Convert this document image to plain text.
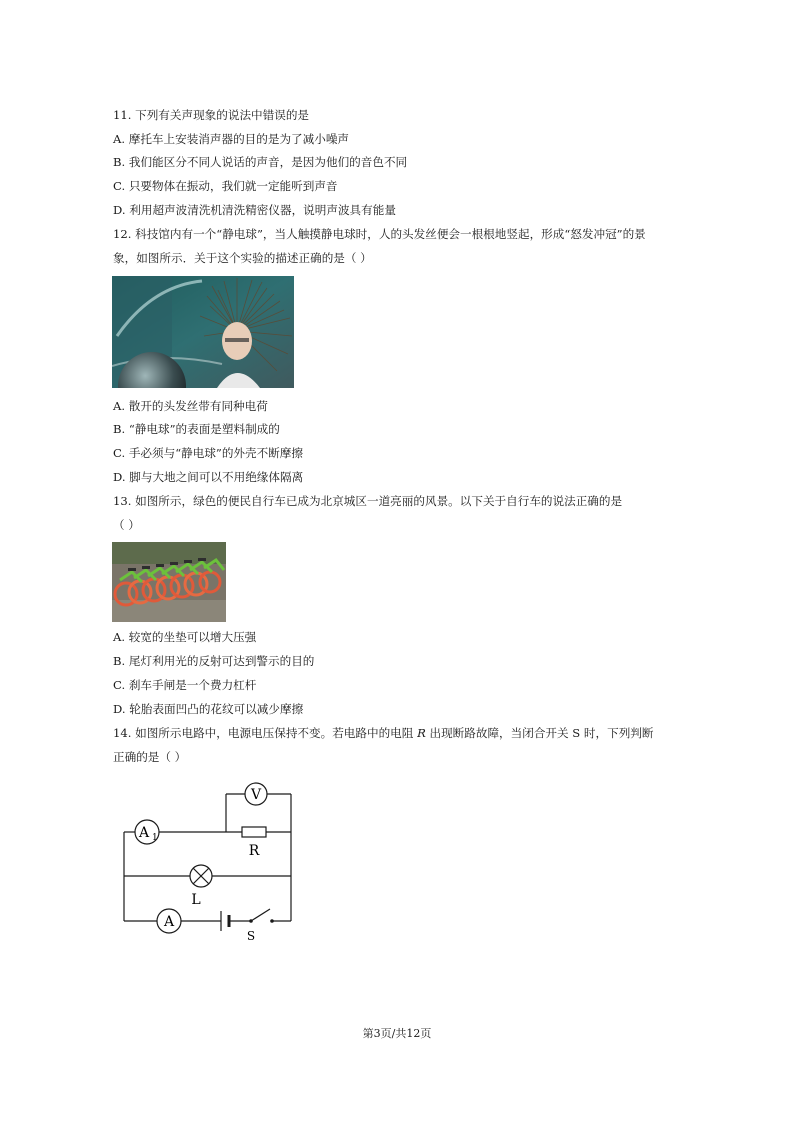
11. 下列有关声现象的说法中错误的是
A. 摩托车上安装消声器的目的是为了减小噪声
B. 我们能区分不同人说话的声音，是因为他们的音色不同
C. 只要物体在振动，我们就一定能听到声音
D. 利用超声波清洗机清洗精密仪器，说明声波具有能量
12. 科技馆内有一个“静电球”，当人触摸静电球时，人的头发丝便会一根根地竖起，形成“怒发冲冠”的景
象，如图所示．关于这个实验的描述正确的是（ ）
A. 散开的头发丝带有同种电荷
B. “静电球”的表面是塑料制成的
C. 手必须与“静电球”的外壳不断摩擦
D. 脚与大地之间可以不用绝缘体隔离
13. 如图所示，绿色的便民自行车已成为北京城区一道亮丽的风景。以下关于自行车的说法正确的是
（ ）
A. 较宽的坐垫可以增大压强
B. 尾灯利用光的反射可达到警示的目的
C. 刹车手闸是一个费力杠杆
D. 轮胎表面凹凸的花纹可以减少摩擦
14. 如图所示电路中，电源电压保持不变。若电路中的电阻 R 出现断路故障，当闭合开关 S 时，下列判断
正确的是（ ）
V
A 1
R
L
A
S
第3页/共12页
